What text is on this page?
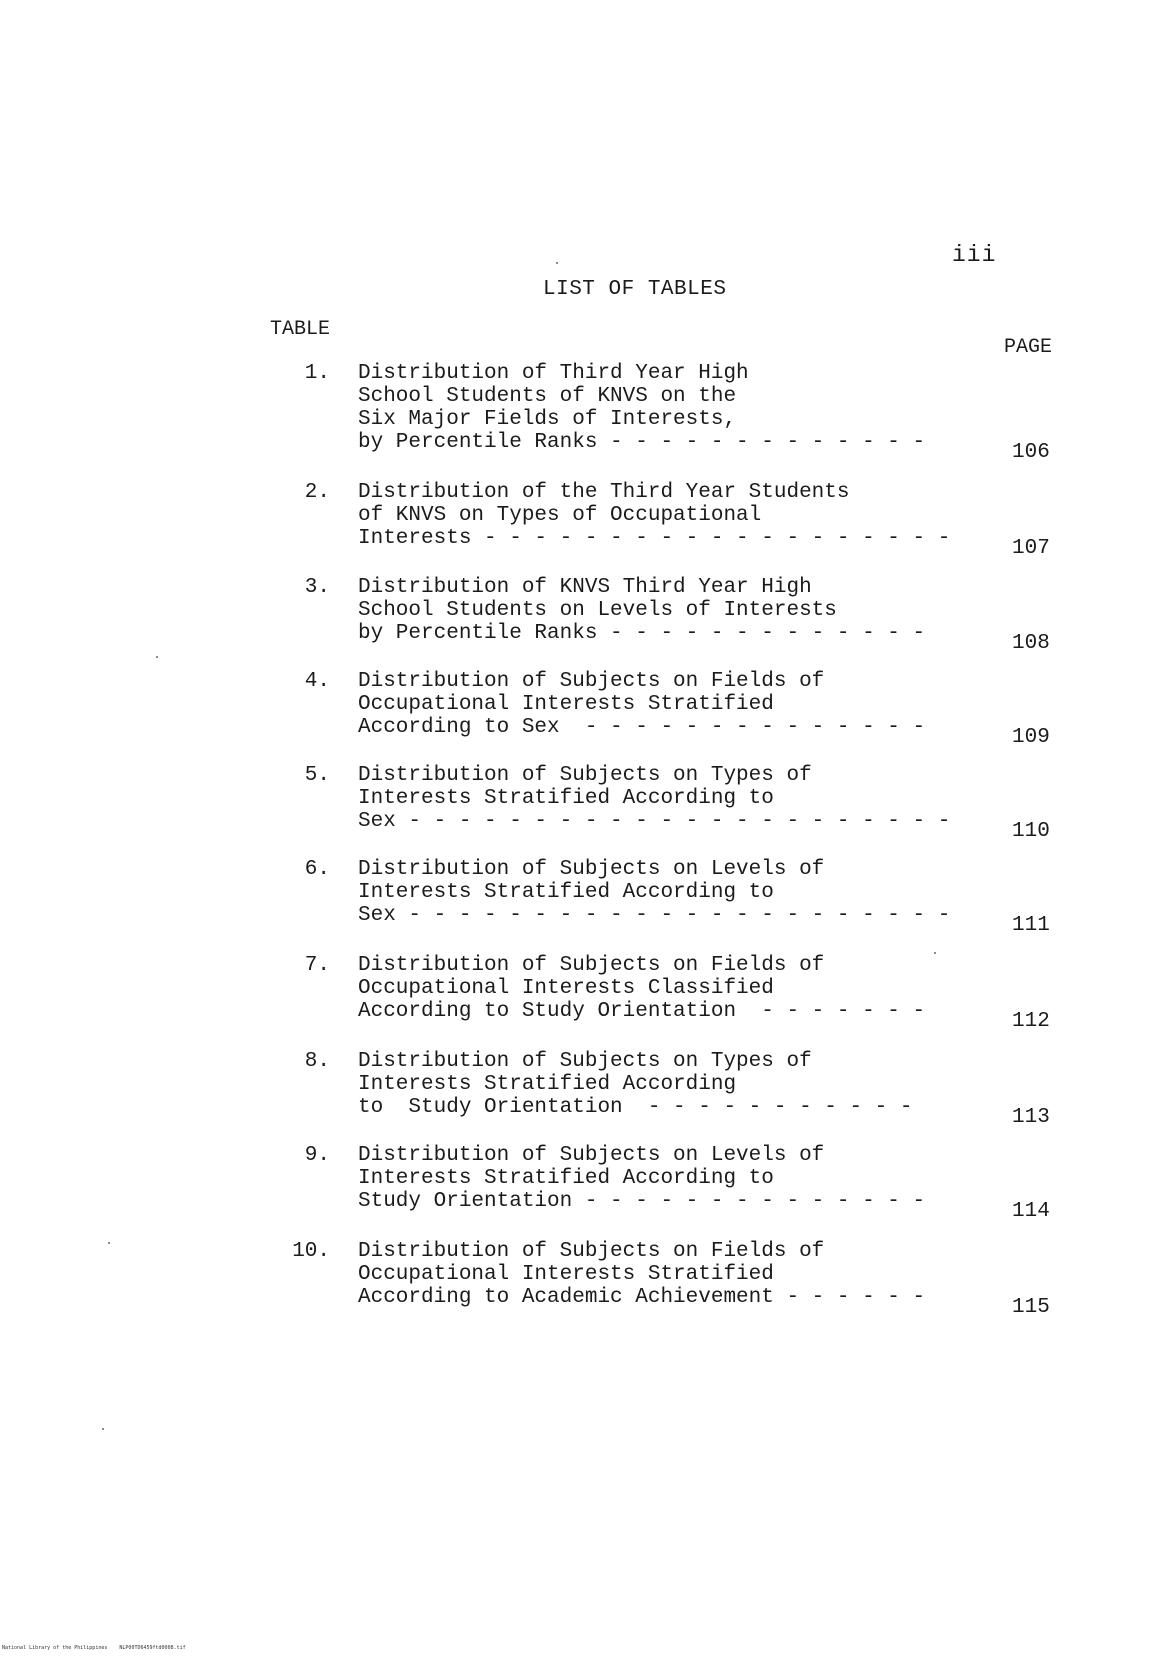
iii
LIST OF TABLES
TABLE
PAGE
1. Distribution of Third Year High
School Students of KNVS on the
Six Major Fields of Interests,
by Percentile Ranks - - - - - - - - - - - - -	106
2. Distribution of the Third Year Students
of KNVS on Types of Occupational
Interests - - - - - - - - - - - - - - - - - - -	107
3. Distribution of KNVS Third Year High
School Students on Levels of Interests
by Percentile Ranks - - - - - - - - - - - - -	108
4. Distribution of Subjects on Fields of
Occupational Interests Stratified
According to Sex  - - - - - - - - - - - - - -	109
5. Distribution of Subjects on Types of
Interests Stratified According to
Sex - - - - - - - - - - - - - - - - - - - - - -	110
6. Distribution of Subjects on Levels of
Interests Stratified According to
Sex - - - - - - - - - - - - - - - - - - - - - -	111
7. Distribution of Subjects on Fields of
Occupational Interests Classified
According to Study Orientation  - - - - - - -	112
8. Distribution of Subjects on Types of
Interests Stratified According
to  Study Orientation  - - - - - - - - - - -	113
9. Distribution of Subjects on Levels of
Interests Stratified According to
Study Orientation - - - - - - - - - - - - - -	114
10. Distribution of Subjects on Fields of
Occupational Interests Stratified
According to Academic Achievement - - - - - -	115
National Library of the Philippines    NLP00TD6459ftd0008.tif
